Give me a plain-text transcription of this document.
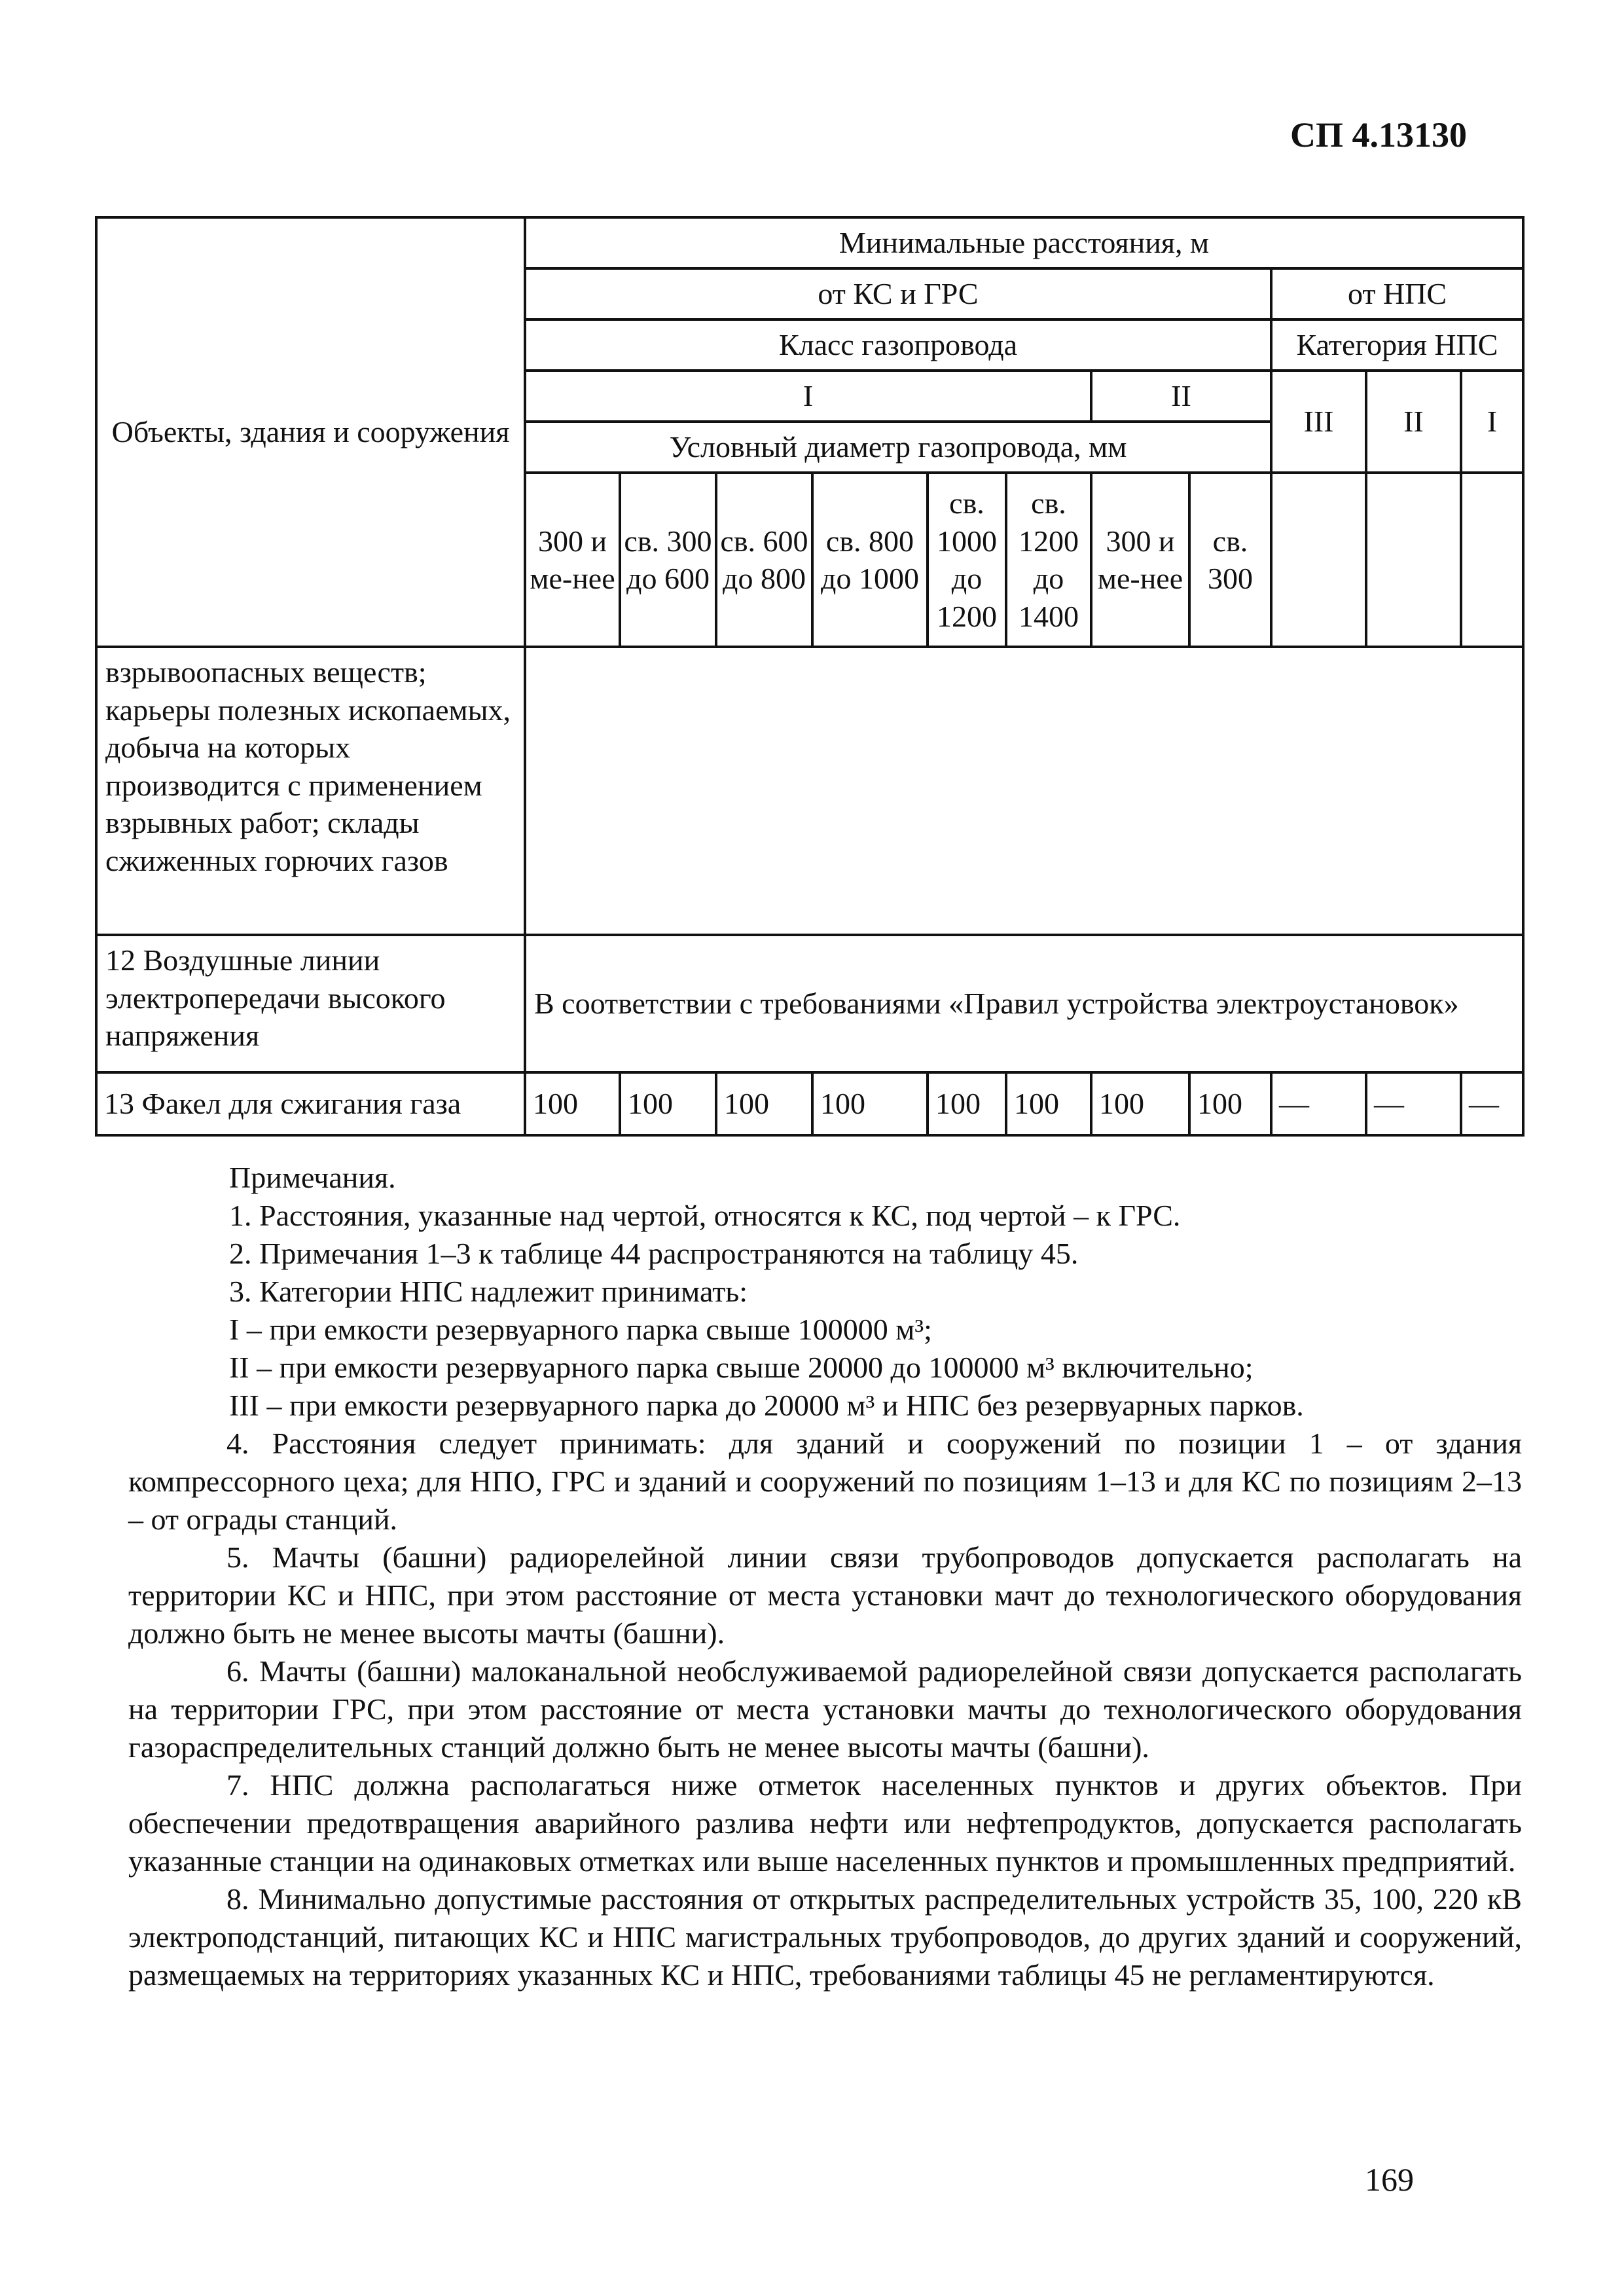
СП 4.13130
Объекты, здания и сооружения	Минимальные расстояния, м										
	от КС и ГРС								от НПС		
	Класс газопровода								Категория НПС		
	I						II		III	II	I
	Условный диаметр газопровода, мм										
	300 и ме-нее	св. 300 до 600	св. 600 до 800	св. 800 до 1000	св. 1000 до 1200	св. 1200 до 1400	300 и ме-нее	св. 300			
взрывоопасных веществ; карьеры полезных ископаемых, добыча на которых производится с применением взрывных работ; склады сжиженных горючих газов											
12 Воздушные линии электропередачи высокого напряжения	В соответствии с требованиями «Правил устройства электроустановок»										
13 Факел для сжигания газа	100	100	100	100	100	100	100	100	—	—	—
Примечания.
1. Расстояния, указанные над чертой, относятся к КС, под чертой – к ГРС.
2. Примечания 1–3 к таблице 44 распространяются на таблицу 45.
3. Категории НПС надлежит принимать:
I – при емкости резервуарного парка свыше 100000 м³;
II – при емкости резервуарного парка свыше 20000 до 100000 м³ включительно;
III – при емкости резервуарного парка до 20000 м³ и НПС без резервуарных парков.
4. Расстояния следует принимать: для зданий и сооружений по позиции 1 – от здания компрессорного цеха; для НПО, ГРС и зданий и сооружений по позициям 1–13 и для КС по позициям 2–13 – от ограды станций.
5. Мачты (башни) радиорелейной линии связи трубопроводов допускается располагать на территории КС и НПС, при этом расстояние от места установки мачт до технологического оборудования должно быть не менее высоты мачты (башни).
6. Мачты (башни) малоканальной необслуживаемой радиорелейной связи допускается располагать на территории ГРС, при этом расстояние от места установки мачты до технологического оборудования газораспределительных станций должно быть не менее высоты мачты (башни).
7. НПС должна располагаться ниже отметок населенных пунктов и других объектов. При обеспечении предотвращения аварийного разлива нефти или нефтепродуктов, допускается располагать указанные станции на одинаковых отметках или выше населенных пунктов и промышленных предприятий.
8. Минимально допустимые расстояния от открытых распределительных устройств 35, 100, 220 кВ электроподстанций, питающих КС и НПС магистральных трубопроводов, до других зданий и сооружений, размещаемых на территориях указанных КС и НПС, требованиями таблицы 45 не регламентируются.
169
